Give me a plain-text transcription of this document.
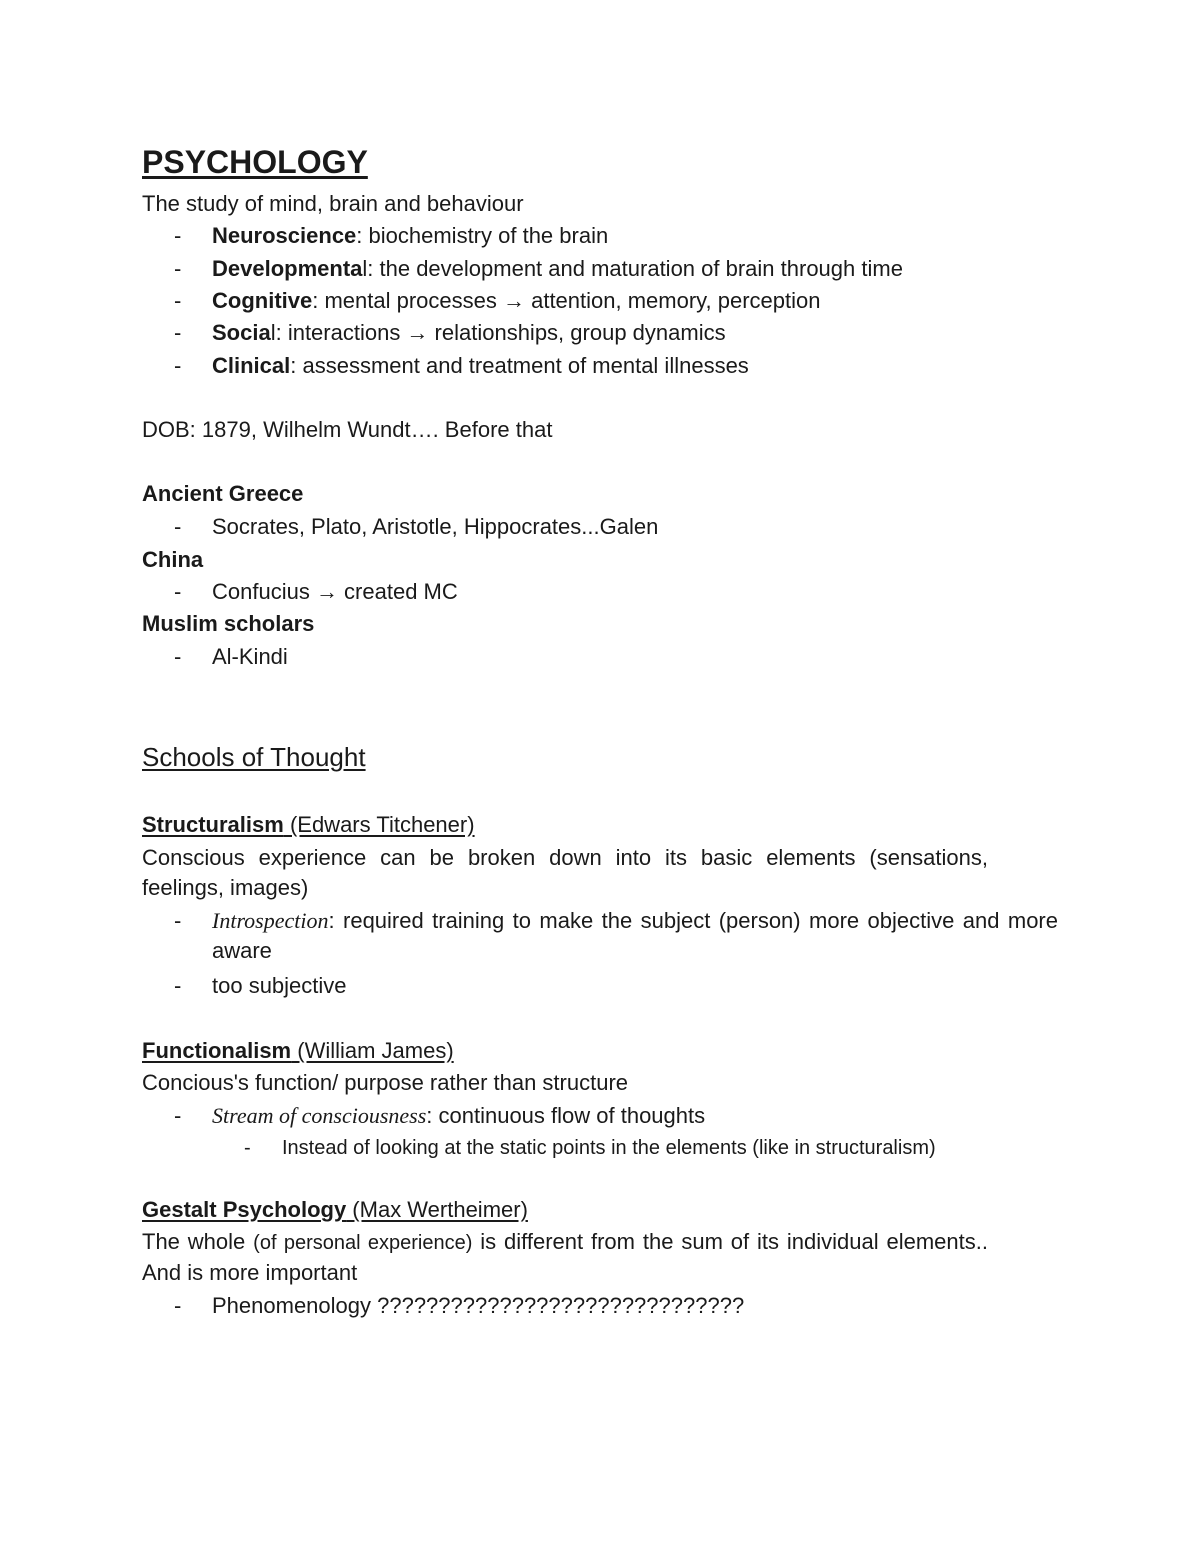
PSYCHOLOGY
The study of mind, brain and behaviour
- Neuroscience: biochemistry of the brain
- Developmental: the development and maturation of brain through time
- Cognitive: mental processes → attention, memory, perception
- Social: interactions → relationships, group dynamics
- Clinical: assessment and treatment of mental illnesses
DOB: 1879, Wilhelm Wundt…. Before that
Ancient Greece
- Socrates, Plato, Aristotle, Hippocrates...Galen
China
- Confucius → created MC
Muslim scholars
- Al-Kindi
Schools of Thought
Structuralism (Edwars Titchener)
Conscious experience can be broken down into its basic elements (sensations, feelings, images)
- Introspection: required training to make the subject (person) more objective and more aware
- too subjective
Functionalism (William James)
Concious's function/ purpose rather than structure
- Stream of consciousness: continuous flow of thoughts
- Instead of looking at the static points in the elements (like in structuralism)
Gestalt Psychology (Max Wertheimer)
The whole (of personal experience) is different from the sum of its individual elements.. And is more important
- Phenomenology ??????????????????????????????
